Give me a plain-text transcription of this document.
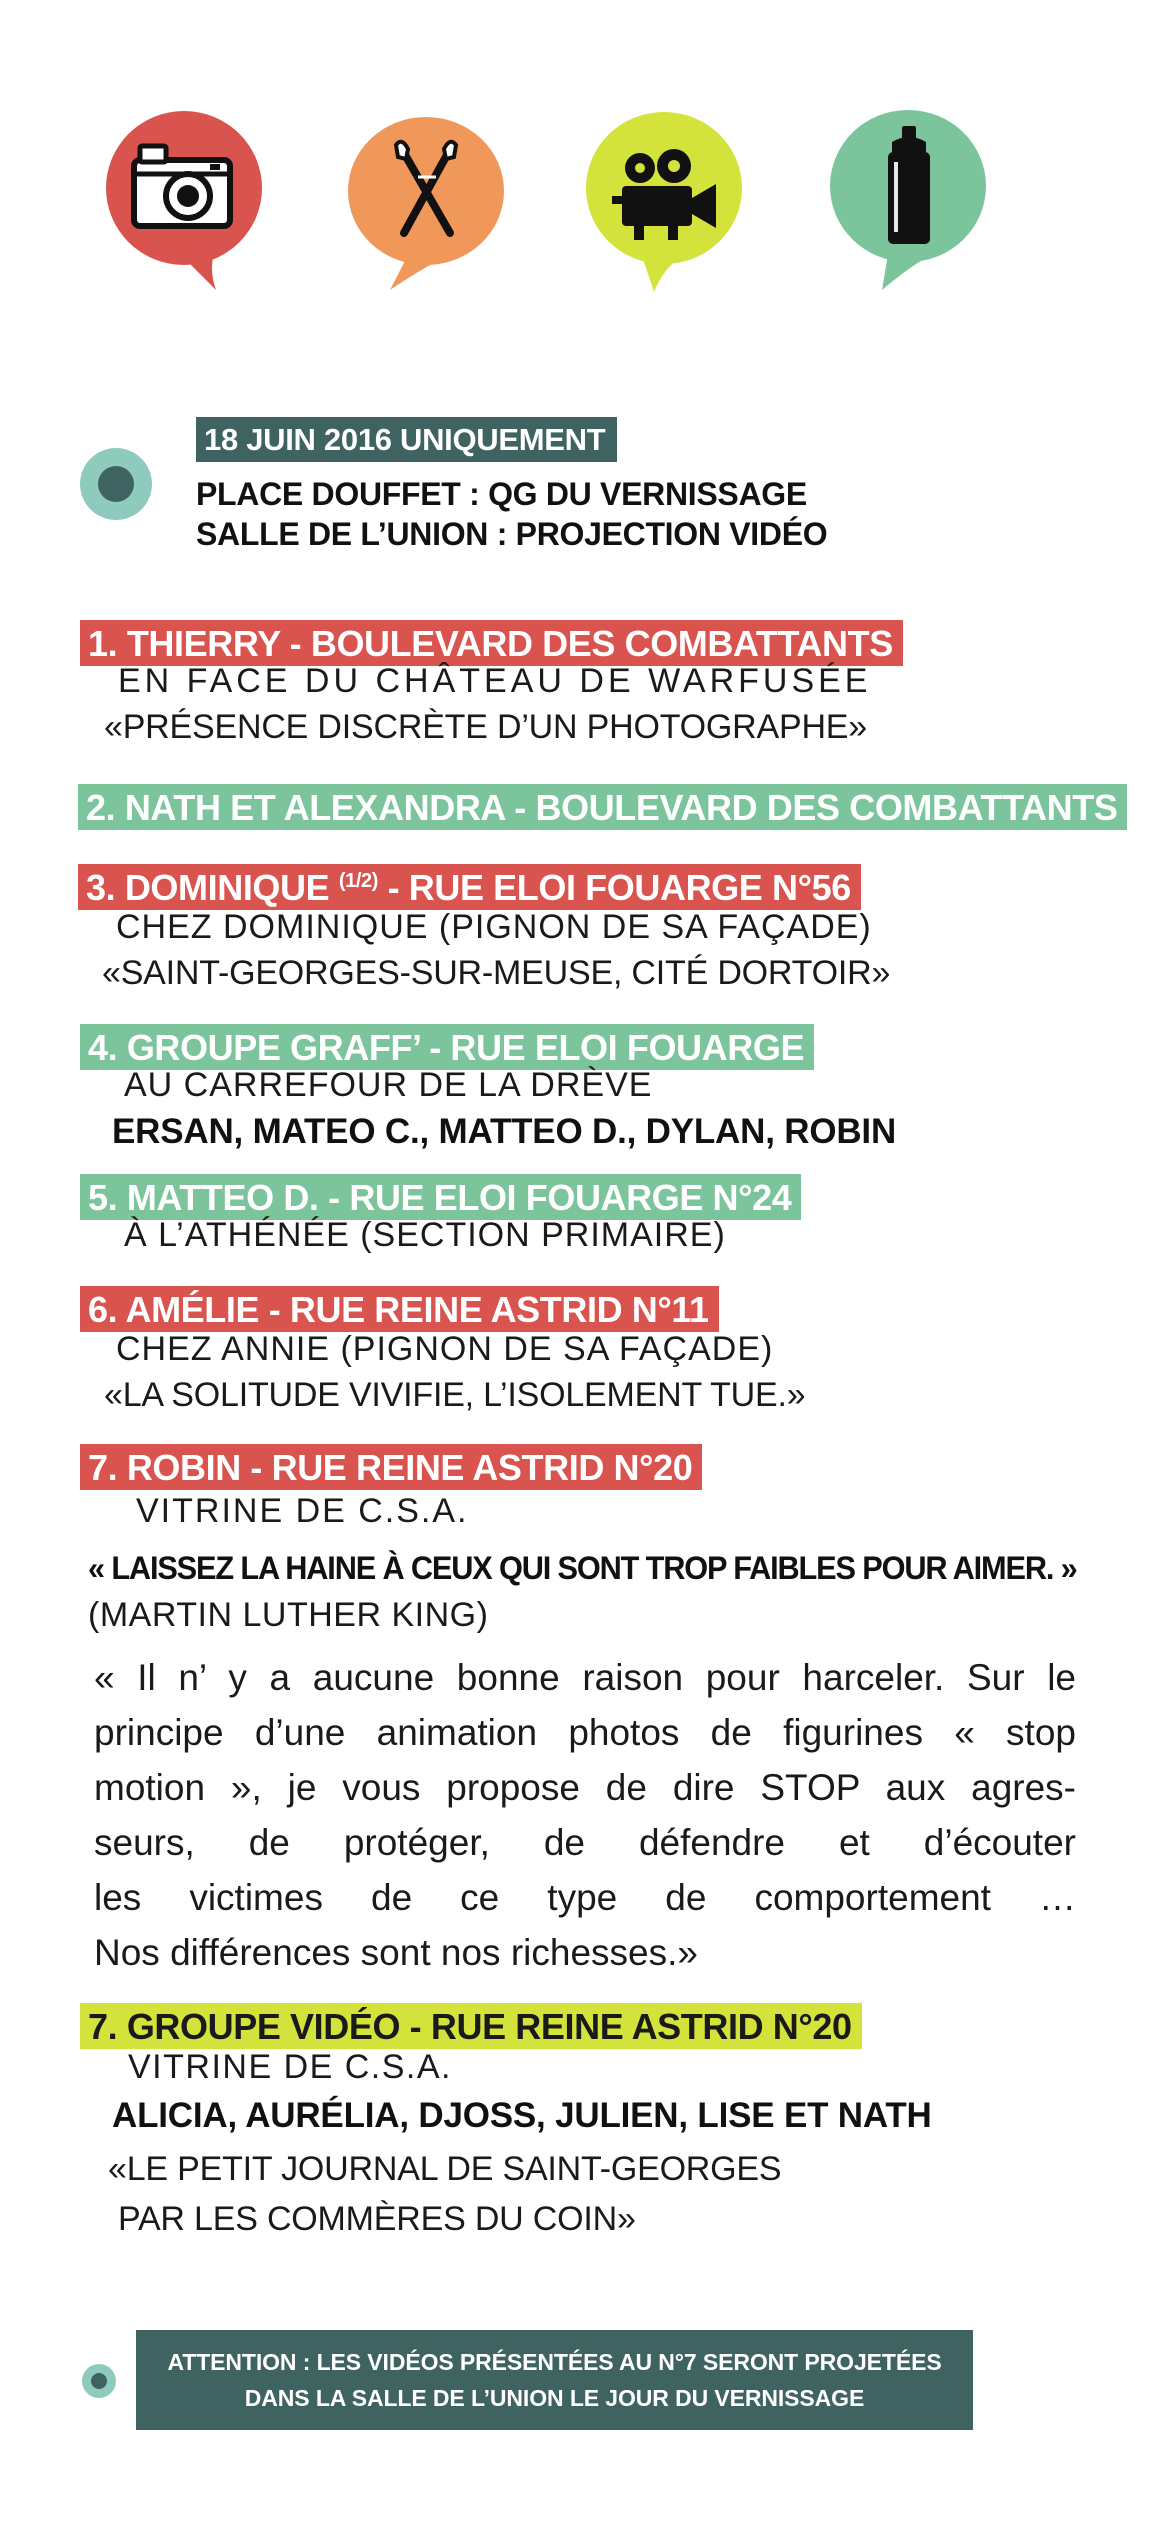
18 JUIN 2016 UNIQUEMENT
PLACE DOUFFET : QG DU VERNISSAGE
SALLE DE L’UNION : PROJECTION VIDÉO
1. THIERRY - BOULEVARD DES COMBATTANTS
EN FACE DU CHÂTEAU DE WARFUSÉE
«PRÉSENCE DISCRÈTE D’UN PHOTOGRAPHE»
2. NATH ET ALEXANDRA - BOULEVARD DES COMBATTANTS
3. DOMINIQUE $^{(1/2)}$ - RUE ELOI FOUARGE N°56
CHEZ DOMINIQUE (PIGNON DE SA FAÇADE)
«SAINT-GEORGES-SUR-MEUSE, CITÉ DORTOIR»
4. GROUPE GRAFF’ - RUE ELOI FOUARGE
AU CARREFOUR DE LA DRÈVE
ERSAN, MATEO C., MATTEO D., DYLAN, ROBIN
5. MATTEO D. - RUE ELOI FOUARGE N°24
À L’ATHÉNÉE (SECTION PRIMAIRE)
6. AMÉLIE - RUE REINE ASTRID N°11
CHEZ ANNIE (PIGNON DE SA FAÇADE)
«LA SOLITUDE VIVIFIE, L’ISOLEMENT TUE.»
7. ROBIN - RUE REINE ASTRID N°20
VITRINE DE C.S.A.
« LAISSEZ LA HAINE À CEUX QUI SONT TROP FAIBLES POUR AIMER. »
(MARTIN LUTHER KING)
« Il n’ y a aucune bonne raison pour harceler. Sur le
principe d’une animation photos de figurines « stop
motion », je vous propose de dire STOP aux agres-
seurs, de protéger, de défendre et d’écouter
les victimes de ce type de comportement …
Nos différences sont nos richesses.»
7. GROUPE VIDÉO - RUE REINE ASTRID N°20
VITRINE DE C.S.A.
ALICIA, AURÉLIA, DJOSS, JULIEN, LISE ET NATH
«LE PETIT JOURNAL DE SAINT-GEORGES
PAR LES COMMÈRES DU COIN»
ATTENTION : LES VIDÉOS PRÉSENTÉES AU N°7 SERONT PROJETÉES
DANS LA SALLE DE L’UNION LE JOUR DU VERNISSAGE
